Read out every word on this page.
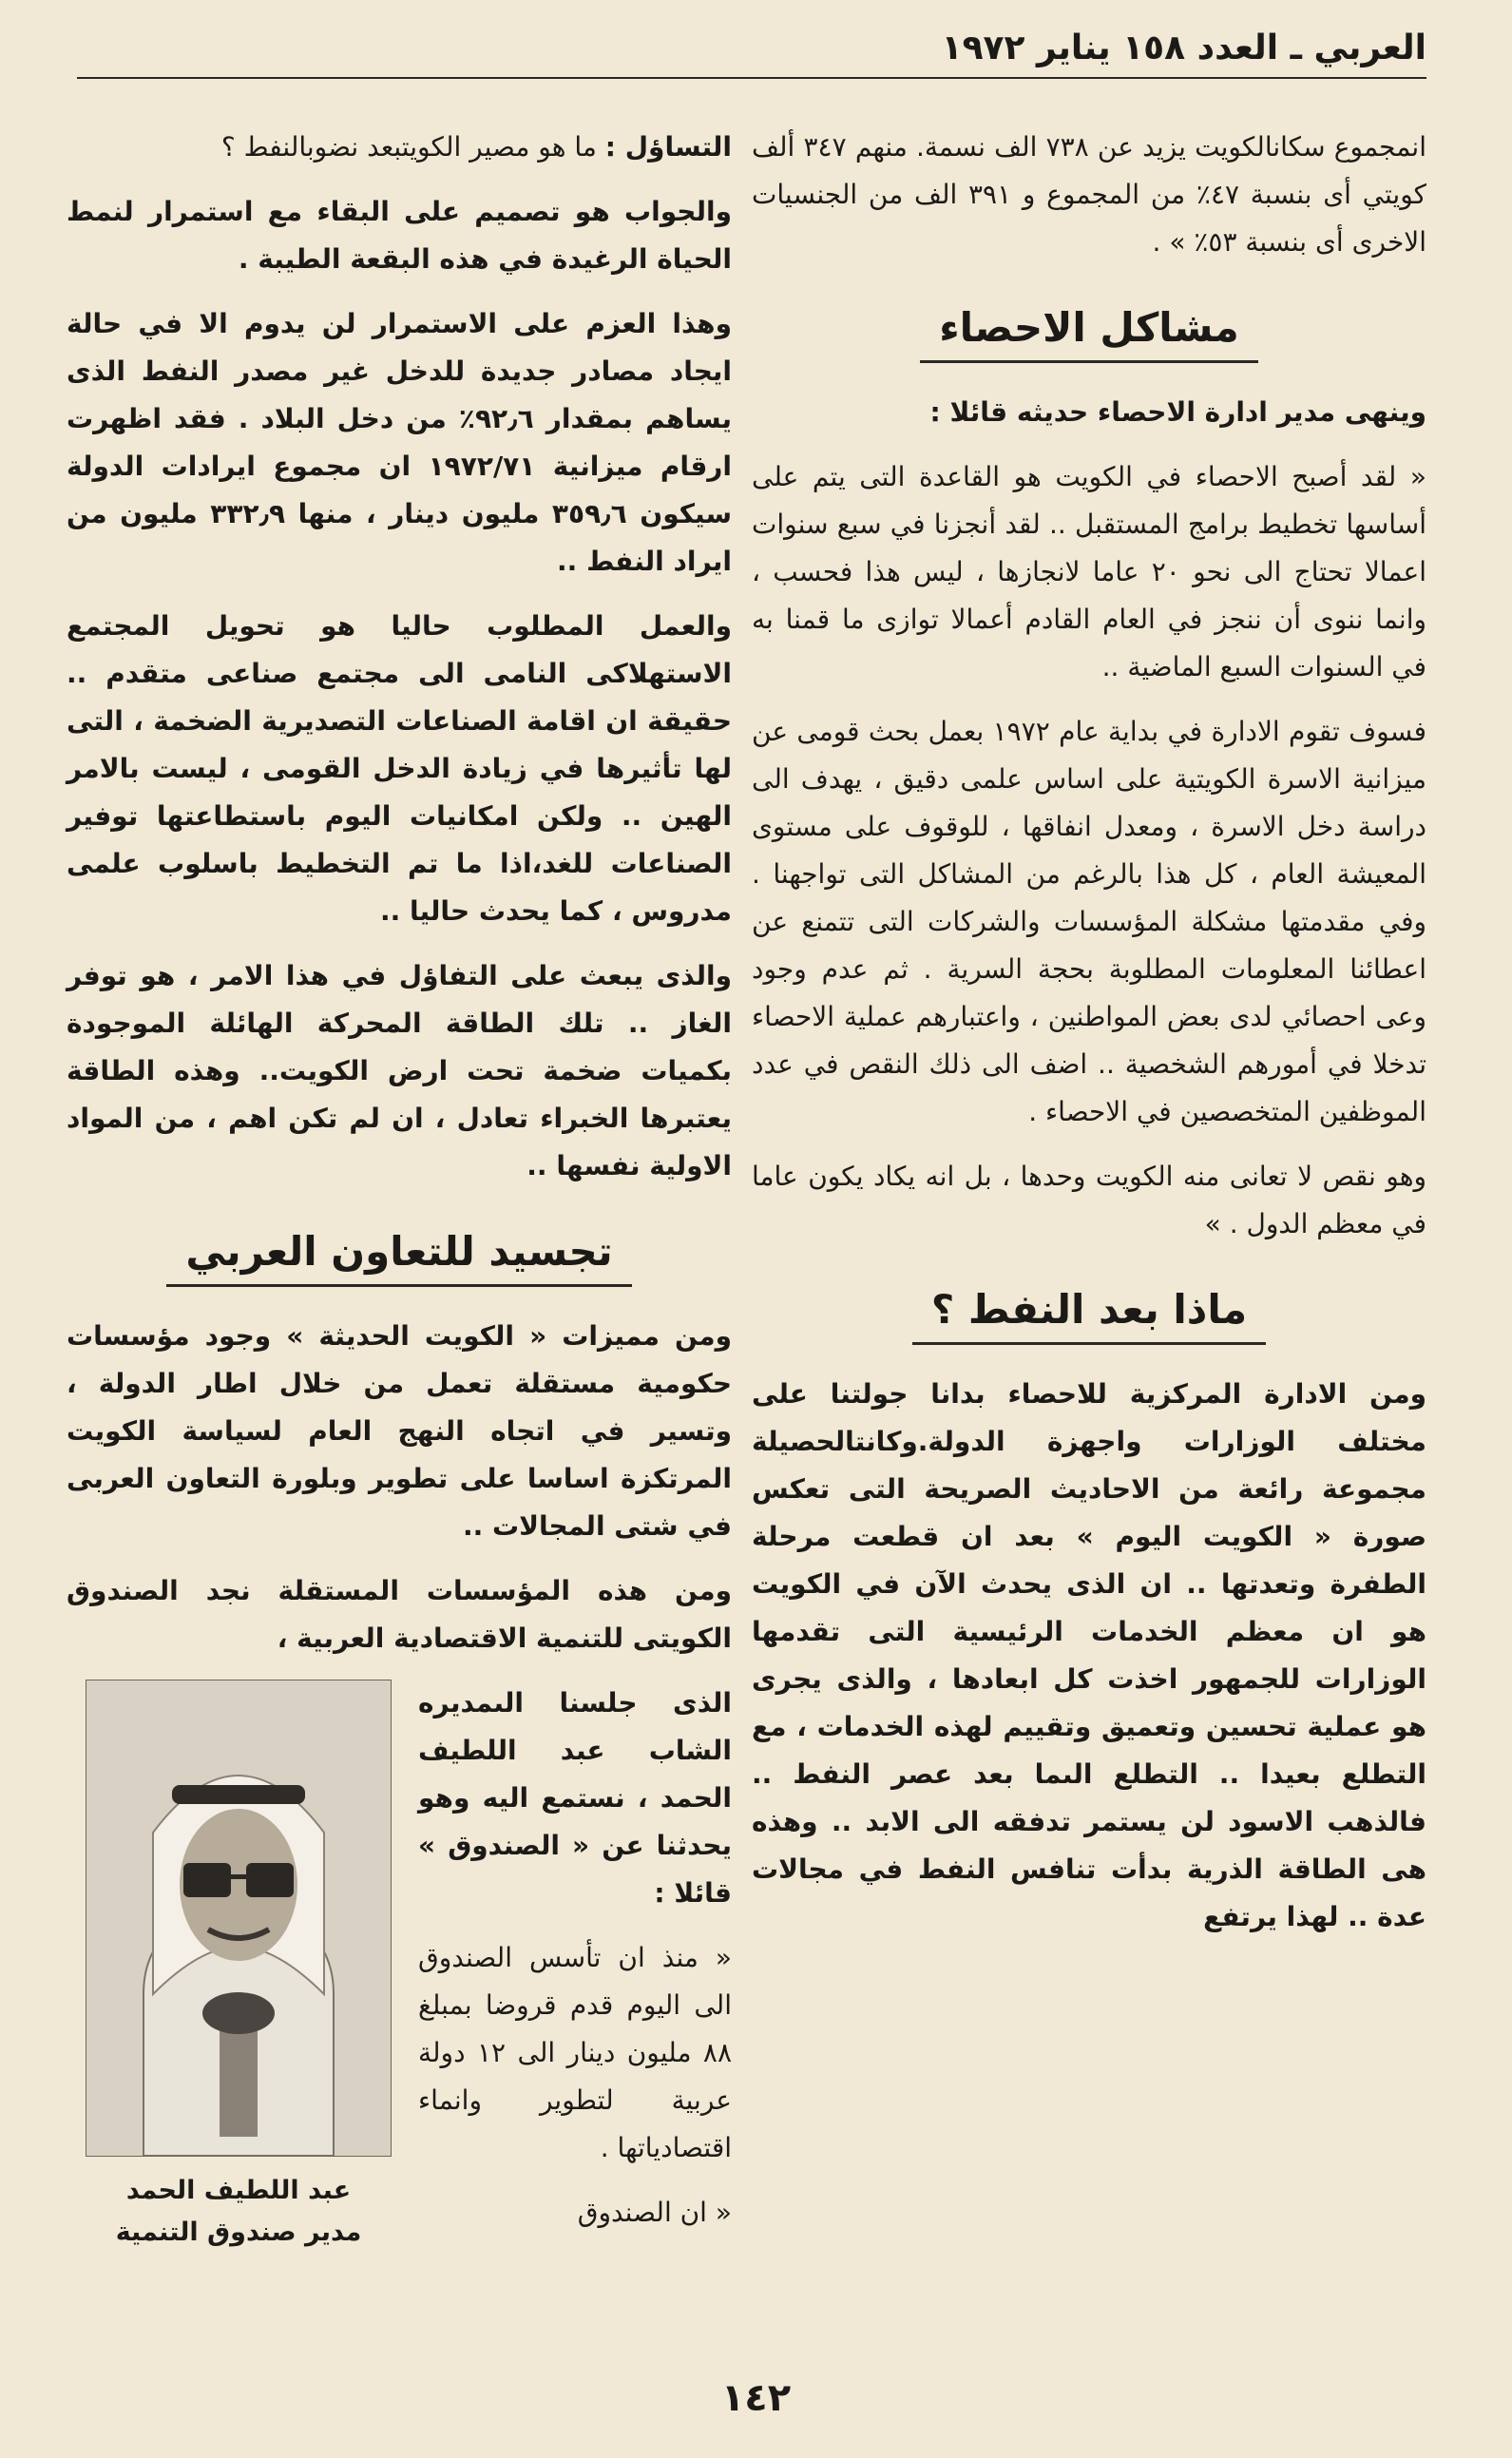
العربي ـ العدد ١٥٨ يناير ١٩٧٢

انمجموع سكانالكويت يزيد عن ٧٣٨ الف نسمة. منهم ٣٤٧ ألف كويتي أى بنسبة ٤٧٪ من المجموع و ٣٩١ الف من الجنسيات الاخرى أى بنسبة ٥٣٪ » .

مشاكل الاحصاء

وينهى مدير ادارة الاحصاء حديثه قائلا :

« لقد أصبح الاحصاء في الكويت هو القاعدة التى يتم على أساسها تخطيط برامج المستقبل .. لقد أنجزنا في سبع سنوات اعمالا تحتاج الى نحو ٢٠ عاما لانجازها ، ليس هذا فحسب ، وانما ننوى أن ننجز في العام القادم أعمالا توازى ما قمنا به في السنوات السبع الماضية ..

فسوف تقوم الادارة في بداية عام ١٩٧٢ بعمل بحث قومى عن ميزانية الاسرة الكويتية على اساس علمى دقيق ، يهدف الى دراسة دخل الاسرة ، ومعدل انفاقها ، للوقوف على مستوى المعيشة العام ، كل هذا بالرغم من المشاكل التى تواجهنا . وفي مقدمتها مشكلة المؤسسات والشركات التى تتمنع عن اعطائنا المعلومات المطلوبة بحجة السرية . ثم عدم وجود وعى احصائي لدى بعض المواطنين ، واعتبارهم عملية الاحصاء تدخلا في أمورهم الشخصية .. اضف الى ذلك النقص في عدد الموظفين المتخصصين في الاحصاء .

وهو نقص لا تعانى منه الكويت وحدها ، بل انه يكاد يكون عاما في معظم الدول . »

ماذا بعد النفط ؟

ومن الادارة المركزية للاحصاء بدانا جولتنا على مختلف الوزارات واجهزة الدولة.وكانتالحصيلة مجموعة رائعة من الاحاديث الصريحة التى تعكس صورة « الكويت اليوم » بعد ان قطعت مرحلة الطفرة وتعدتها .. ان الذى يحدث الآن في الكويت هو ان معظم الخدمات الرئيسية التى تقدمها الوزارات للجمهور اخذت كل ابعادها ، والذى يجرى هو عملية تحسين وتعميق وتقييم لهذه الخدمات ، مع التطلع بعيدا .. التطلع الىما بعد عصر النفط .. فالذهب الاسود لن يستمر تدفقه الى الابد .. وهذه هى الطاقة الذرية بدأت تنافس النفط في مجالات عدة .. لهذا يرتفع

التساؤل : ما هو مصير الكويتبعد نضوبالنفط ؟

والجواب هو تصميم على البقاء مع استمرار لنمط الحياة الرغيدة في هذه البقعة الطيبة .

وهذا العزم على الاستمرار لن يدوم الا في حالة ايجاد مصادر جديدة للدخل غير مصدر النفط الذى يساهم بمقدار ٩٢٫٦٪ من دخل البلاد . فقد اظهرت ارقام ميزانية ١٩٧٢/٧١ ان مجموع ايرادات الدولة سيكون ٣٥٩٫٦ مليون دينار ، منها ٣٣٢٫٩ مليون من ايراد النفط ..

والعمل المطلوب حاليا هو تحويل المجتمع الاستهلاكى النامى الى مجتمع صناعى متقدم .. حقيقة ان اقامة الصناعات التصديرية الضخمة ، التى لها تأثيرها في زيادة الدخل القومى ، ليست بالامر الهين .. ولكن امكانيات اليوم باستطاعتها توفير الصناعات للغد،اذا ما تم التخطيط باسلوب علمى مدروس ، كما يحدث حاليا ..

والذى يبعث على التفاؤل في هذا الامر ، هو توفر الغاز .. تلك الطاقة المحركة الهائلة الموجودة بكميات ضخمة تحت ارض الكويت.. وهذه الطاقة يعتبرها الخبراء تعادل ، ان لم تكن اهم ، من المواد الاولية نفسها ..

تجسيد للتعاون العربي

ومن مميزات « الكويت الحديثة » وجود مؤسسات حكومية مستقلة تعمل من خلال اطار الدولة ، وتسير في اتجاه النهج العام لسياسة الكويت المرتكزة اساسا على تطوير وبلورة التعاون العربى في شتى المجالات ..

ومن هذه المؤسسات المستقلة نجد الصندوق الكويتى للتنمية الاقتصادية العربية ،

الذى جلسنا الىمديره الشاب عبد اللطيف الحمد ، نستمع اليه وهو يحدثنا عن « الصندوق » قائلا :

« منذ ان تأسس الصندوق الى اليوم قدم قروضا بمبلغ ٨٨ مليون دينار الى ١٢ دولة عربية لتطوير وانماء اقتصادياتها .

« ان الصندوق

عبد اللطيف الحمد
مدير صندوق التنمية
١٤٢
